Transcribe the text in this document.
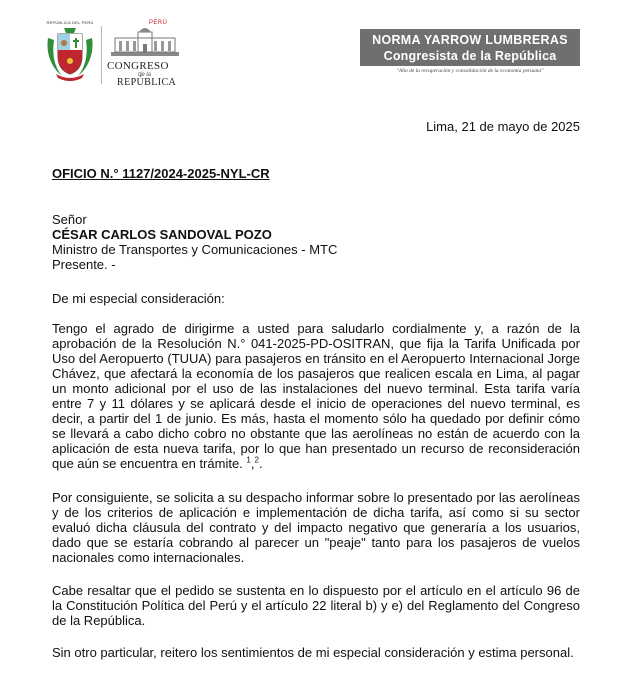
REPÚBLICA DEL PERÚ	PERÚ
CONGRESO
de la
REPÚBLICA
NORMA YARROW LUMBRERAS
Congresista de la República
"Año de la recuperación y consolidación de la economía peruana"
Lima, 21 de mayo de 2025
OFICIO N.° 1127/2024-2025-NYL-CR
Señor
CÉSAR CARLOS SANDOVAL POZO
Ministro de Transportes y Comunicaciones - MTC
Presente. -
De mi especial consideración:

Tengo el agrado de dirigirme a usted para saludarlo cordialmente y, a razón de la aprobación de la Resolución N.° 041-2025-PD-OSITRAN, que fija la Tarifa Unificada por Uso del Aeropuerto (TUUA) para pasajeros en tránsito en el Aeropuerto Internacional Jorge Chávez, que afectará la economía de los pasajeros que realicen escala en Lima, al pagar un monto adicional por el uso de las instalaciones del nuevo terminal. Esta tarifa varía entre 7 y 11 dólares y se aplicará desde el inicio de operaciones del nuevo terminal, es decir, a partir del 1 de junio. Es más, hasta el momento sólo ha quedado por definir cómo se llevará a cabo dicho cobro no obstante que las aerolíneas no están de acuerdo con la aplicación de esta nueva tarifa, por lo que han presentado un recurso de reconsideración que aún se encuentra en trámite. $^1$,$^2$.

Por consiguiente, se solicita a su despacho informar sobre lo presentado por las aerolíneas y de los criterios de aplicación e implementación de dicha tarifa, así como si su sector evaluó dicha cláusula del contrato y del impacto negativo que generaría a los usuarios, dado que se estaría cobrando al parecer un "peaje" tanto para los pasajeros de vuelos nacionales como internacionales.

Cabe resaltar que el pedido se sustenta en lo dispuesto por el artículo en el artículo 96 de la Constitución Política del Perú y el artículo 22 literal b) y e) del Reglamento del Congreso de la República.

Sin otro particular, reitero los sentimientos de mi especial consideración y estima personal.
